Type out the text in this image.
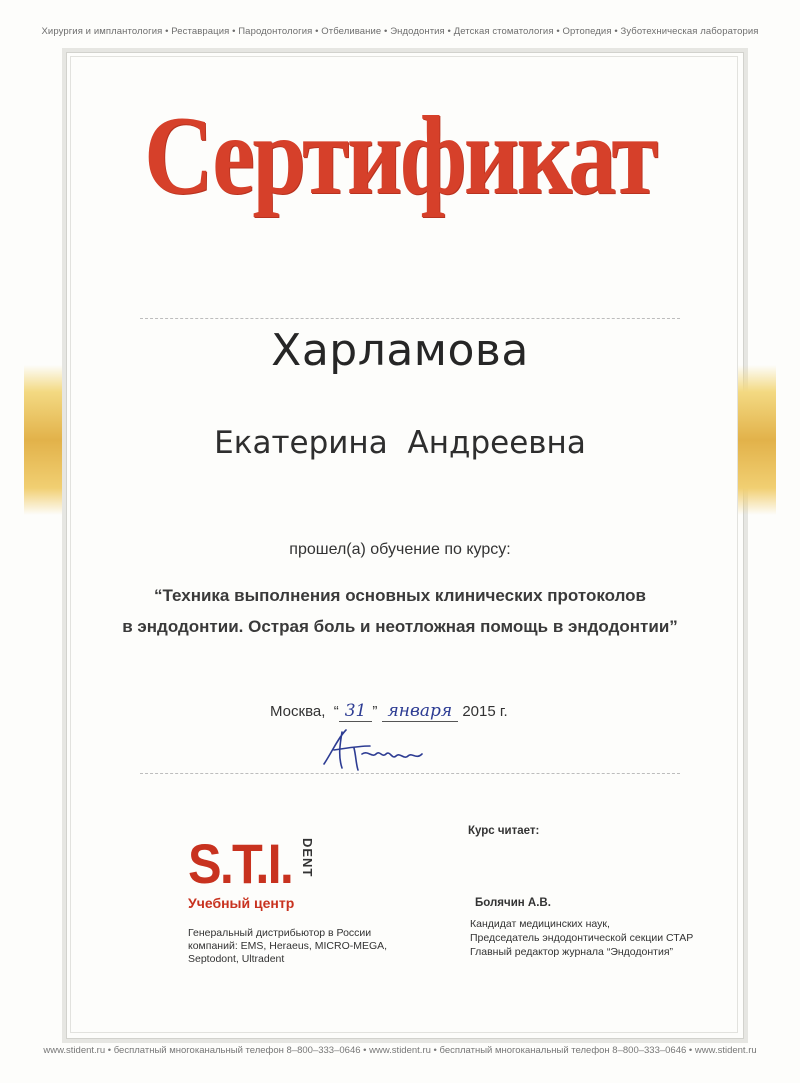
Хирургия и имплантология • Реставрация • Пародонтология • Отбеливание • Эндодонтия • Детская стоматология • Ортопедия • Зуботехническая лаборатория
Сертификат
Харламова
Екатерина Андреевна
прошел(а) обучение по курсу:
“Техника выполнения основных клинических протоколов
в эндодонтии. Острая боль и неотложная помощь в эндодонтии”
Москва,  “ 31 ” января 2015 г.
S.T.I. DENT
Учебный центр
Генеральный дистрибьютор в России
компаний: EMS, Heraeus, MICRO-MEGA,
Septodont, Ultradent
Курс читает:
Болячин А.В.
Кандидат медицинских наук,
Председатель эндодонтической секции СТАР
Главный редактор журнала “Эндодонтия”
www.stident.ru • бесплатный многоканальный телефон 8–800–333–0646 • www.stident.ru • бесплатный многоканальный телефон 8–800–333–0646 • www.stident.ru
